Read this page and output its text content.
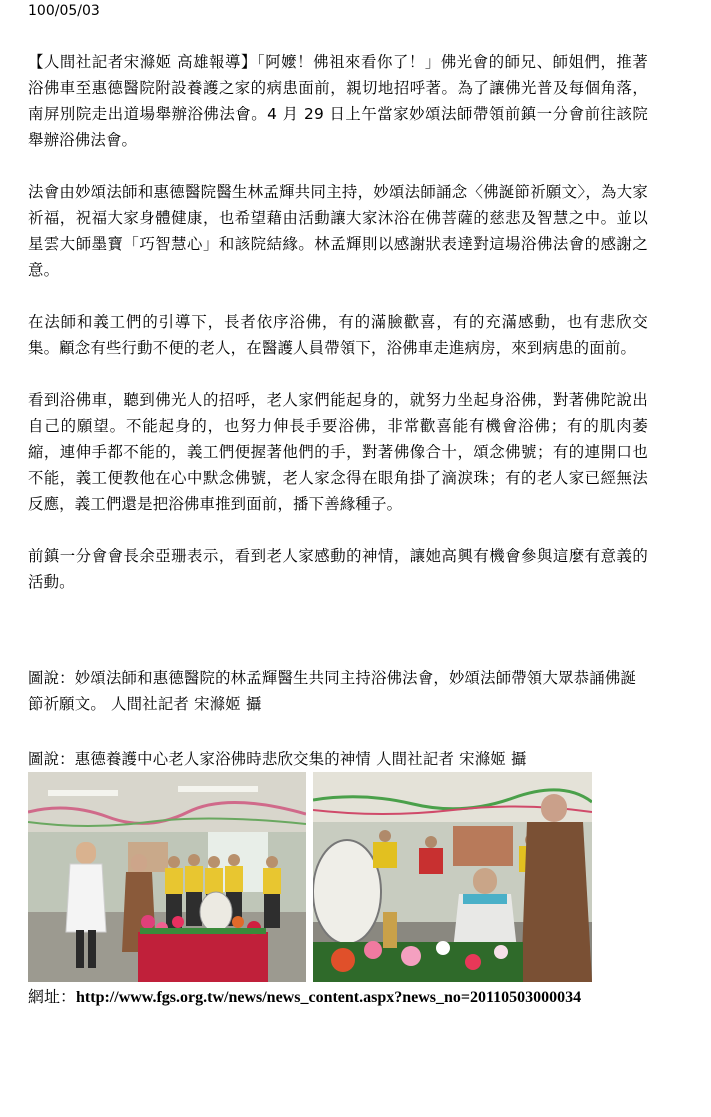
100/05/03

【人間社記者宋滌姬 高雄報導】「阿嬤！佛祖來看你了！」佛光會的師兄、師姐們，推著浴佛車至惠德醫院附設養護之家的病患面前，親切地招呼著。為了讓佛光普及每個角落，南屏別院走出道場舉辦浴佛法會。4 月 29 日上午當家妙頌法師帶領前鎮一分會前往該院舉辦浴佛法會。

法會由妙頌法師和惠德醫院醫生林孟輝共同主持，妙頌法師誦念〈佛誕節祈願文〉，為大家祈福，祝福大家身體健康，也希望藉由活動讓大家沐浴在佛菩薩的慈悲及智慧之中。並以星雲大師墨寶「巧智慧心」和該院結緣。林孟輝則以感謝狀表達對這場浴佛法會的感謝之意。

在法師和義工們的引導下，長者依序浴佛，有的滿臉歡喜，有的充滿感動，也有悲欣交集。顧念有些行動不便的老人，在醫護人員帶領下，浴佛車走進病房，來到病患的面前。

看到浴佛車，聽到佛光人的招呼，老人家們能起身的，就努力坐起身浴佛，對著佛陀說出自己的願望。不能起身的，也努力伸長手要浴佛，非常歡喜能有機會浴佛；有的肌肉萎縮，連伸手都不能的，義工們便握著他們的手，對著佛像合十，頌念佛號；有的連開口也不能，義工便教他在心中默念佛號，老人家念得在眼角掛了滴淚珠；有的老人家已經無法反應，義工們還是把浴佛車推到面前，播下善緣種子。

前鎮一分會會長余亞珊表示，看到老人家感動的神情，讓她高興有機會參與這麼有意義的活動。

圖說：妙頌法師和惠德醫院的林孟輝醫生共同主持浴佛法會，妙頌法師帶領大眾恭誦佛誕節祈願文。 人間社記者 宋滌姬 攝
圖說：惠德養護中心老人家浴佛時悲欣交集的神情 人間社記者 宋滌姬 攝
網址：http://www.fgs.org.tw/news/news_content.aspx?news_no=20110503000034
